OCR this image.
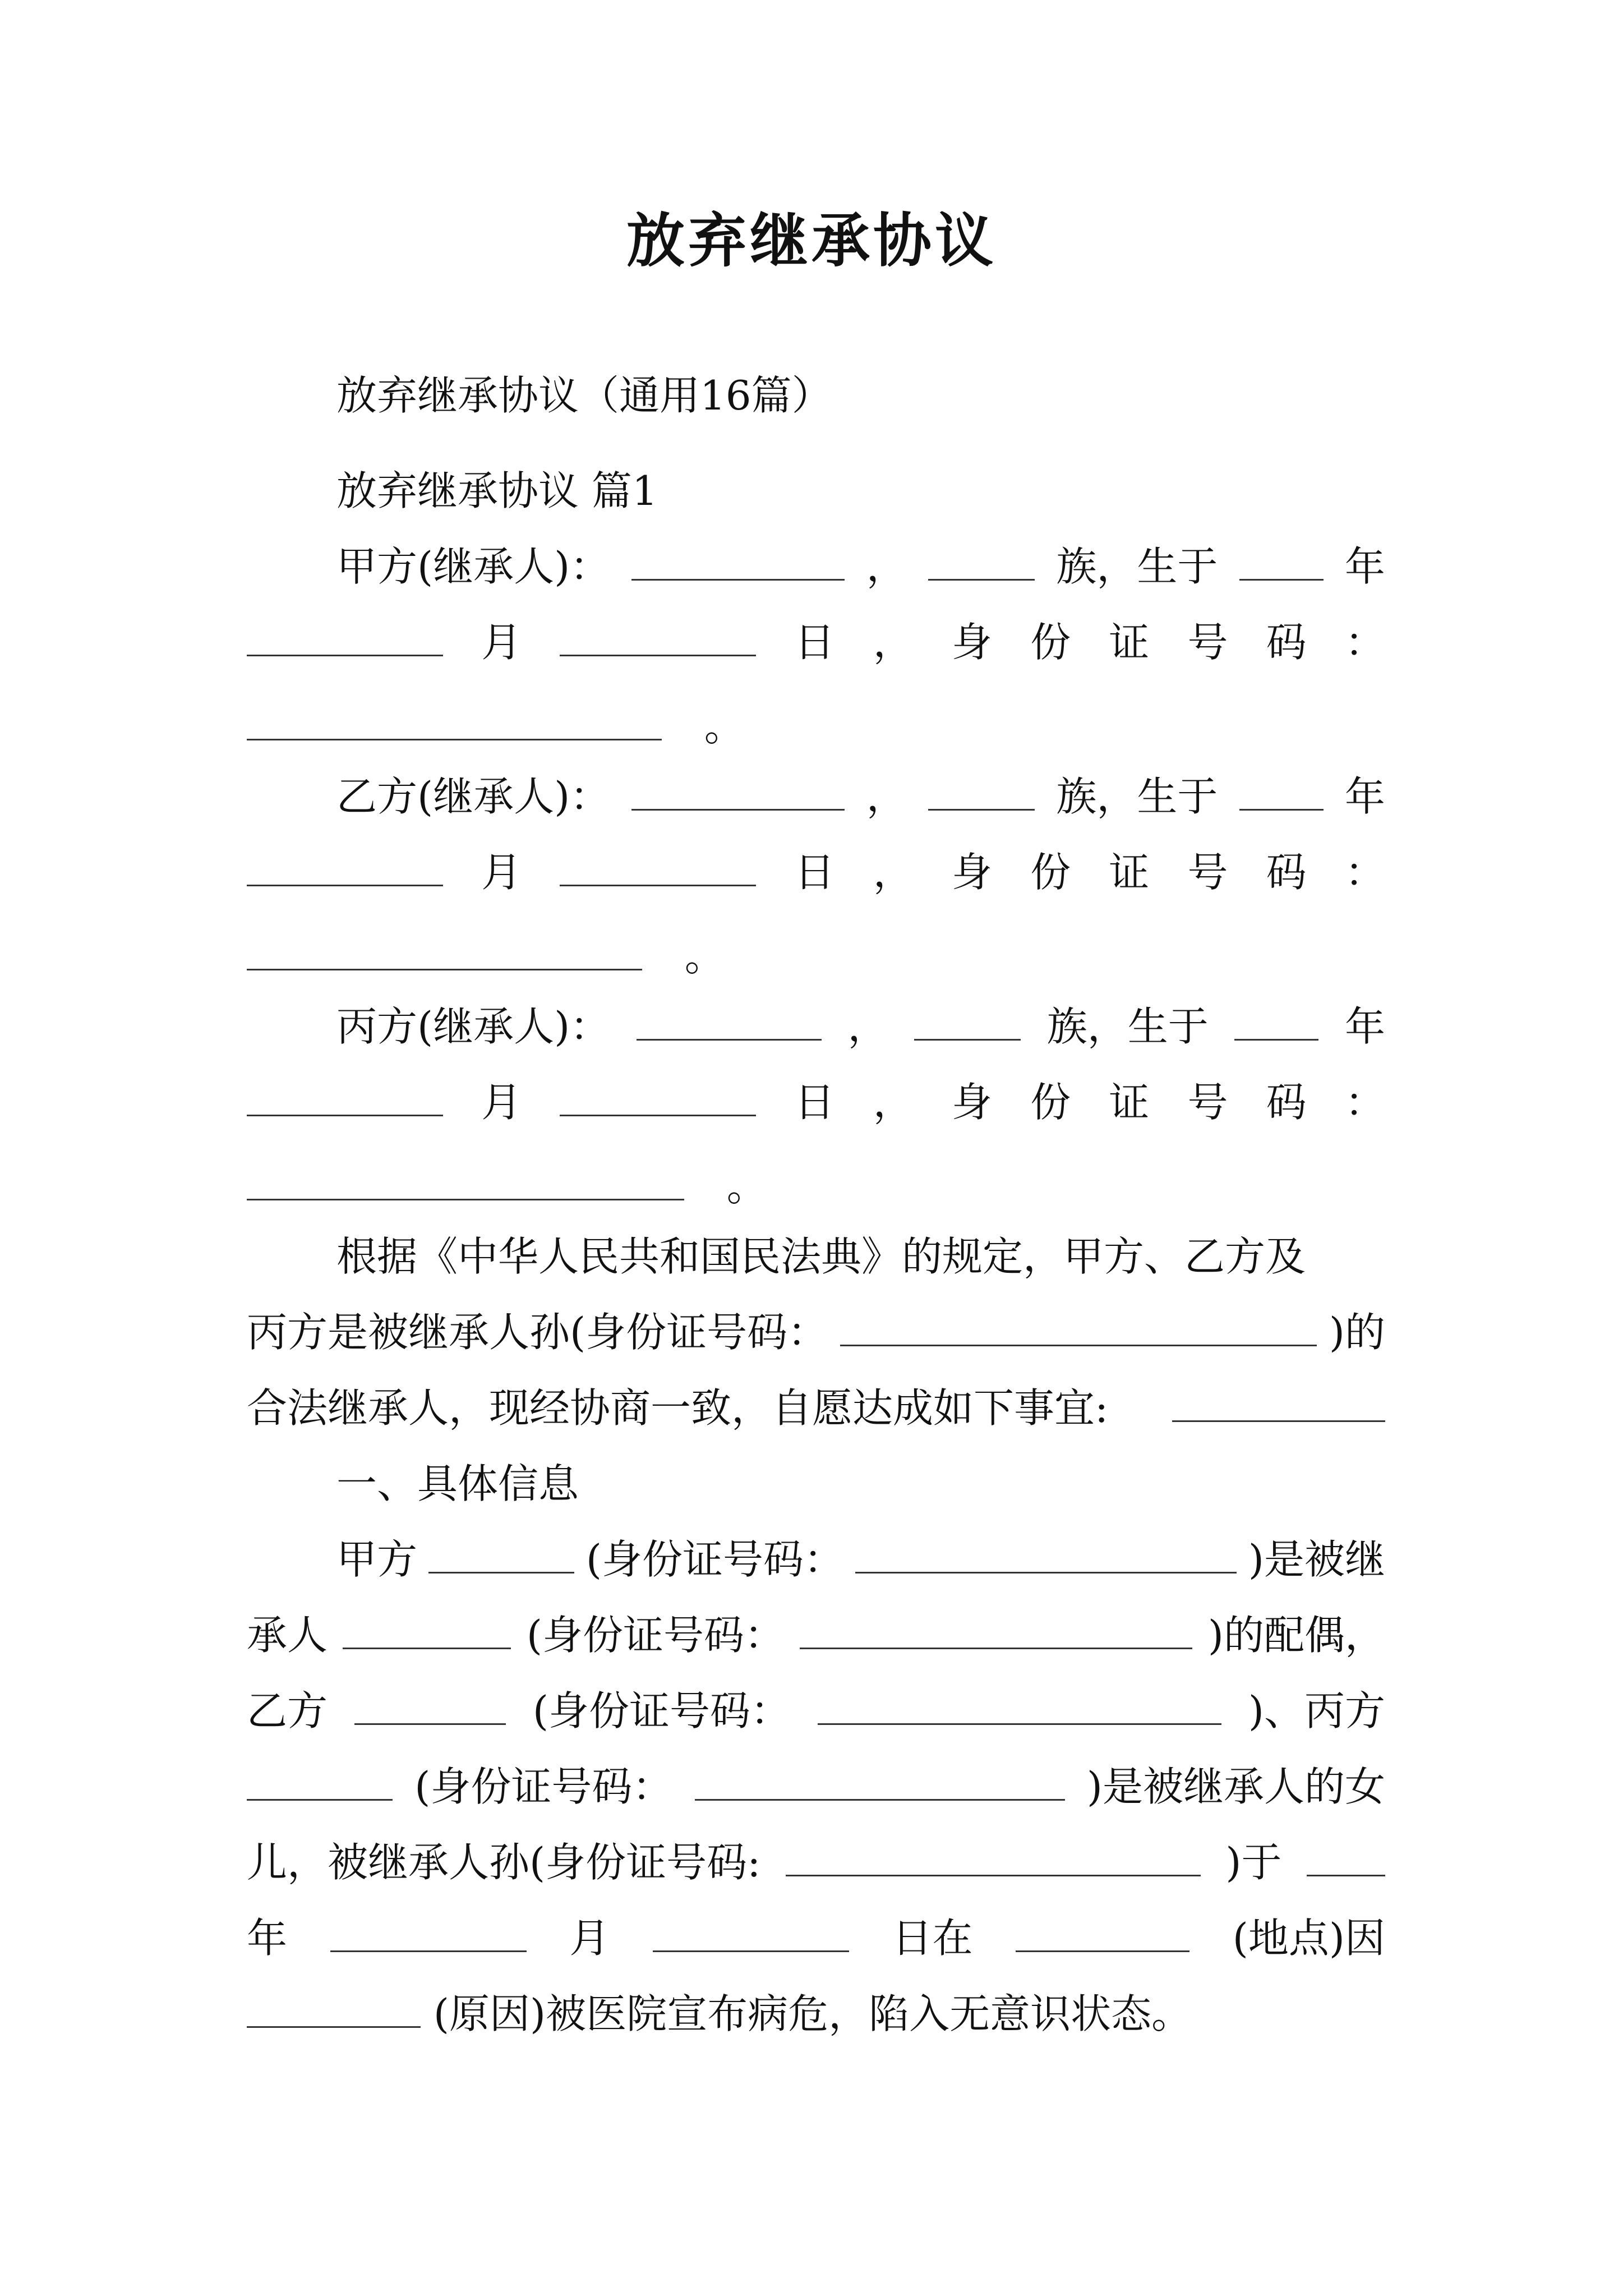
放弃继承协议
放弃继承协议（通用16篇）
放弃继承协议 篇1
甲方(继承人)：	，	族，生于	年
月	日 ， 身 份 证 号 码 ：
。
乙方(继承人)：	，	族，生于	年
月	日 ， 身 份 证 号 码 ：
。
丙方(继承人)：	，	族，生于	年
月	日 ， 身 份 证 号 码 ：
。
根据《中华人民共和国民法典》的规定，甲方、乙方及
丙方是被继承人孙(身份证号码：	)的
合法继承人，现经协商一致，自愿达成如下事宜:
一、具体信息
甲方	(身份证号码：	)是被继
承人	(身份证号码：	)的配偶，
乙方	(身份证号码：	)、丙方
(身份证号码：	)是被继承人的女
儿，被继承人孙(身份证号码:	)于
年	月	日在	(地点)因
(原因)被医院宣布病危，陷入无意识状态。
